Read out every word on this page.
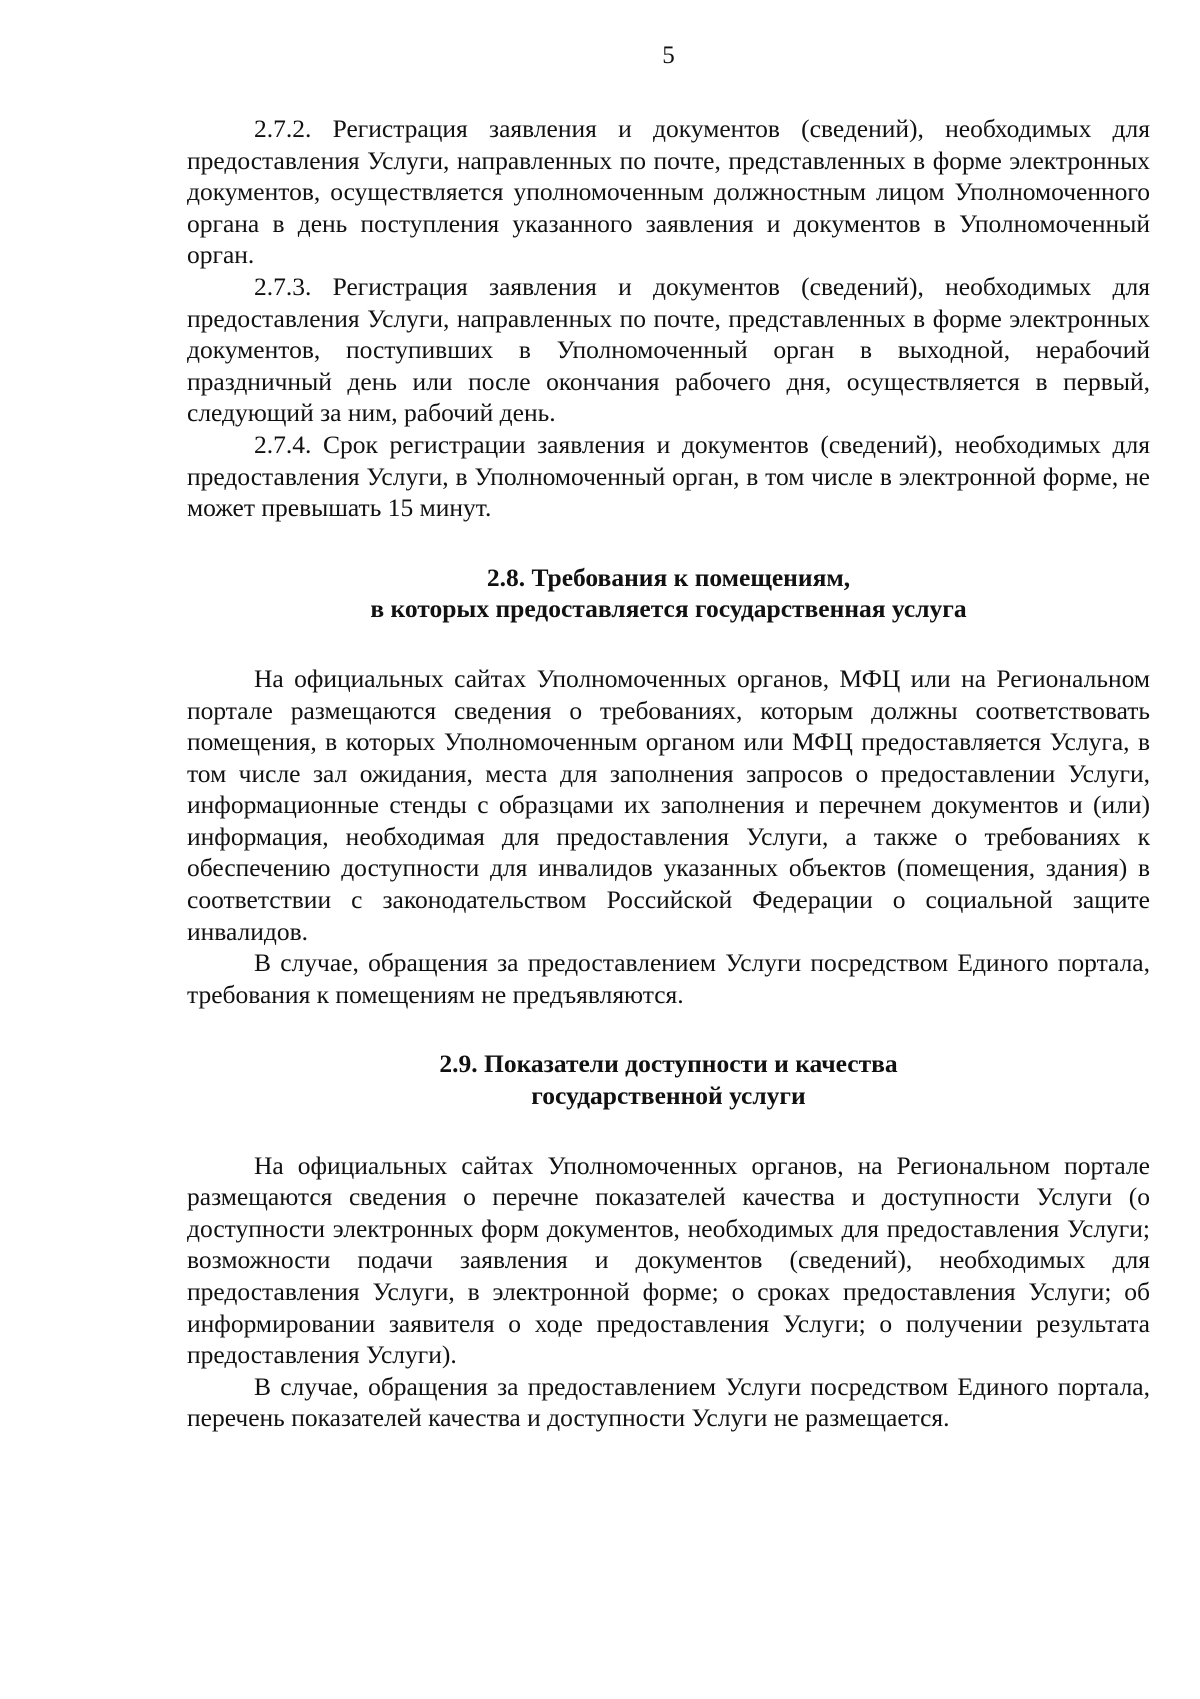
5

2.7.2. Регистрация заявления и документов (сведений), необходимых для предоставления Услуги, направленных по почте, представленных в форме электронных документов, осуществляется уполномоченным должностным лицом Уполномоченного органа в день поступления указанного заявления и документов в Уполномоченный орган.

2.7.3. Регистрация заявления и документов (сведений), необходимых для предоставления Услуги, направленных по почте, представленных в форме электронных документов, поступивших в Уполномоченный орган в выходной, нерабочий праздничный день или после окончания рабочего дня, осуществляется в первый, следующий за ним, рабочий день.

2.7.4. Срок регистрации заявления и документов (сведений), необходимых для предоставления Услуги, в Уполномоченный орган, в том числе в электронной форме, не может превышать 15 минут.

2.8. Требования к помещениям,
в которых предоставляется государственная услуга

На официальных сайтах Уполномоченных органов, МФЦ или на Региональном портале размещаются сведения о требованиях, которым должны соответствовать помещения, в которых Уполномоченным органом или МФЦ предоставляется Услуга, в том числе зал ожидания, места для заполнения запросов о предоставлении Услуги, информационные стенды с образцами их заполнения и перечнем документов и (или) информация, необходимая для предоставления Услуги, а также о требованиях к обеспечению доступности для инвалидов указанных объектов (помещения, здания) в соответствии с законодательством Российской Федерации о социальной защите инвалидов.

В случае, обращения за предоставлением Услуги посредством Единого портала, требования к помещениям не предъявляются.

2.9. Показатели доступности и качества
государственной услуги

На официальных сайтах Уполномоченных органов, на Региональном портале размещаются сведения о перечне показателей качества и доступности Услуги (о доступности электронных форм документов, необходимых для предоставления Услуги; возможности подачи заявления и документов (сведений), необходимых для предоставления Услуги, в электронной форме; о сроках предоставления Услуги; об информировании заявителя о ходе предоставления Услуги; о получении результата предоставления Услуги).

В случае, обращения за предоставлением Услуги посредством Единого портала, перечень показателей качества и доступности Услуги не размещается.
